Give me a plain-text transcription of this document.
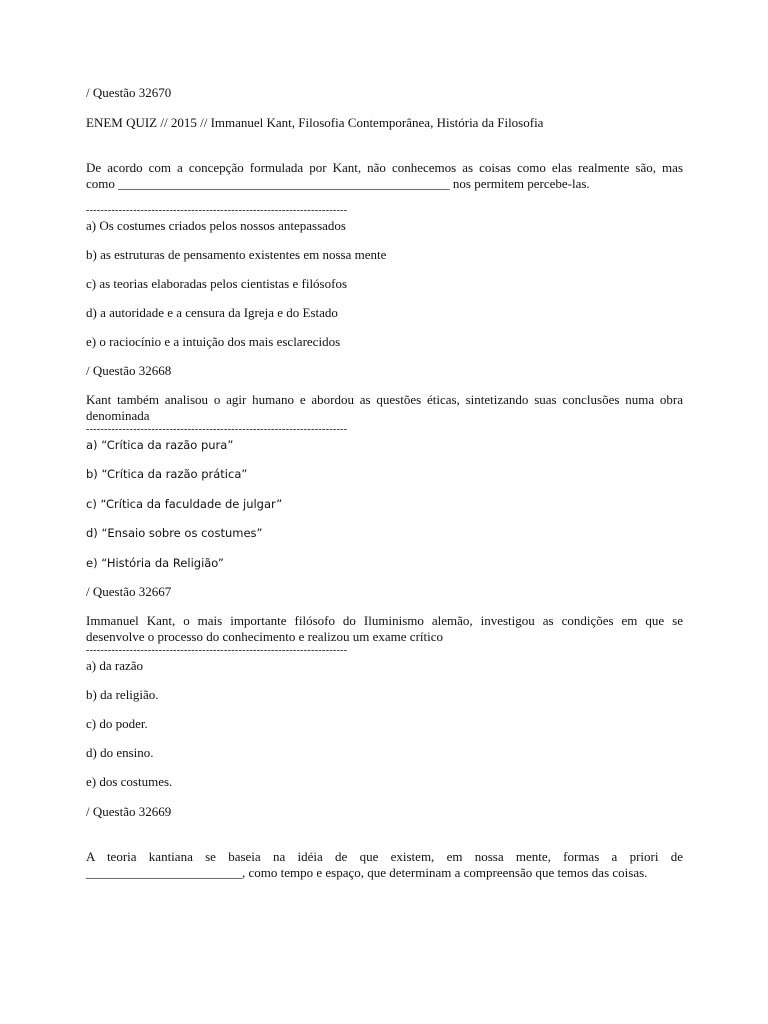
/ Questão 32670
ENEM QUIZ // 2015 // Immanuel Kant, Filosofia Contemporânea, História da Filosofia
De acordo com a concepção formulada por Kant, não conhecemos as coisas como elas realmente são, mas
como ___________________________________________________ nos permitem percebe-las.
------------------------------------------------------------------------
a) Os costumes criados pelos nossos antepassados
b) as estruturas de pensamento existentes em nossa mente
c) as teorias elaboradas pelos cientistas e filósofos
d) a autoridade e a censura da Igreja e do Estado
e) o raciocínio e a intuição dos mais esclarecidos
/ Questão 32668
Kant também analisou o agir humano e abordou as questões éticas, sintetizando suas conclusões numa obra
denominada
------------------------------------------------------------------------
a) “Crítica da razão pura”
b) “Crítica da razão prática”
c) “Crítica da faculdade de julgar”
d) “Ensaio sobre os costumes”
e) “História da Religião”
/ Questão 32667
Immanuel Kant, o mais importante filósofo do Iluminismo alemão, investigou as condições em que se
desenvolve o processo do conhecimento e realizou um exame crítico
------------------------------------------------------------------------
a) da razão
b) da religião.
c) do poder.
d) do ensino.
e) dos costumes.
/ Questão 32669
A teoria kantiana se baseia na idéia de que existem, em nossa mente, formas a priori de
________________________, como tempo e espaço, que determinam a compreensão que temos das coisas.
